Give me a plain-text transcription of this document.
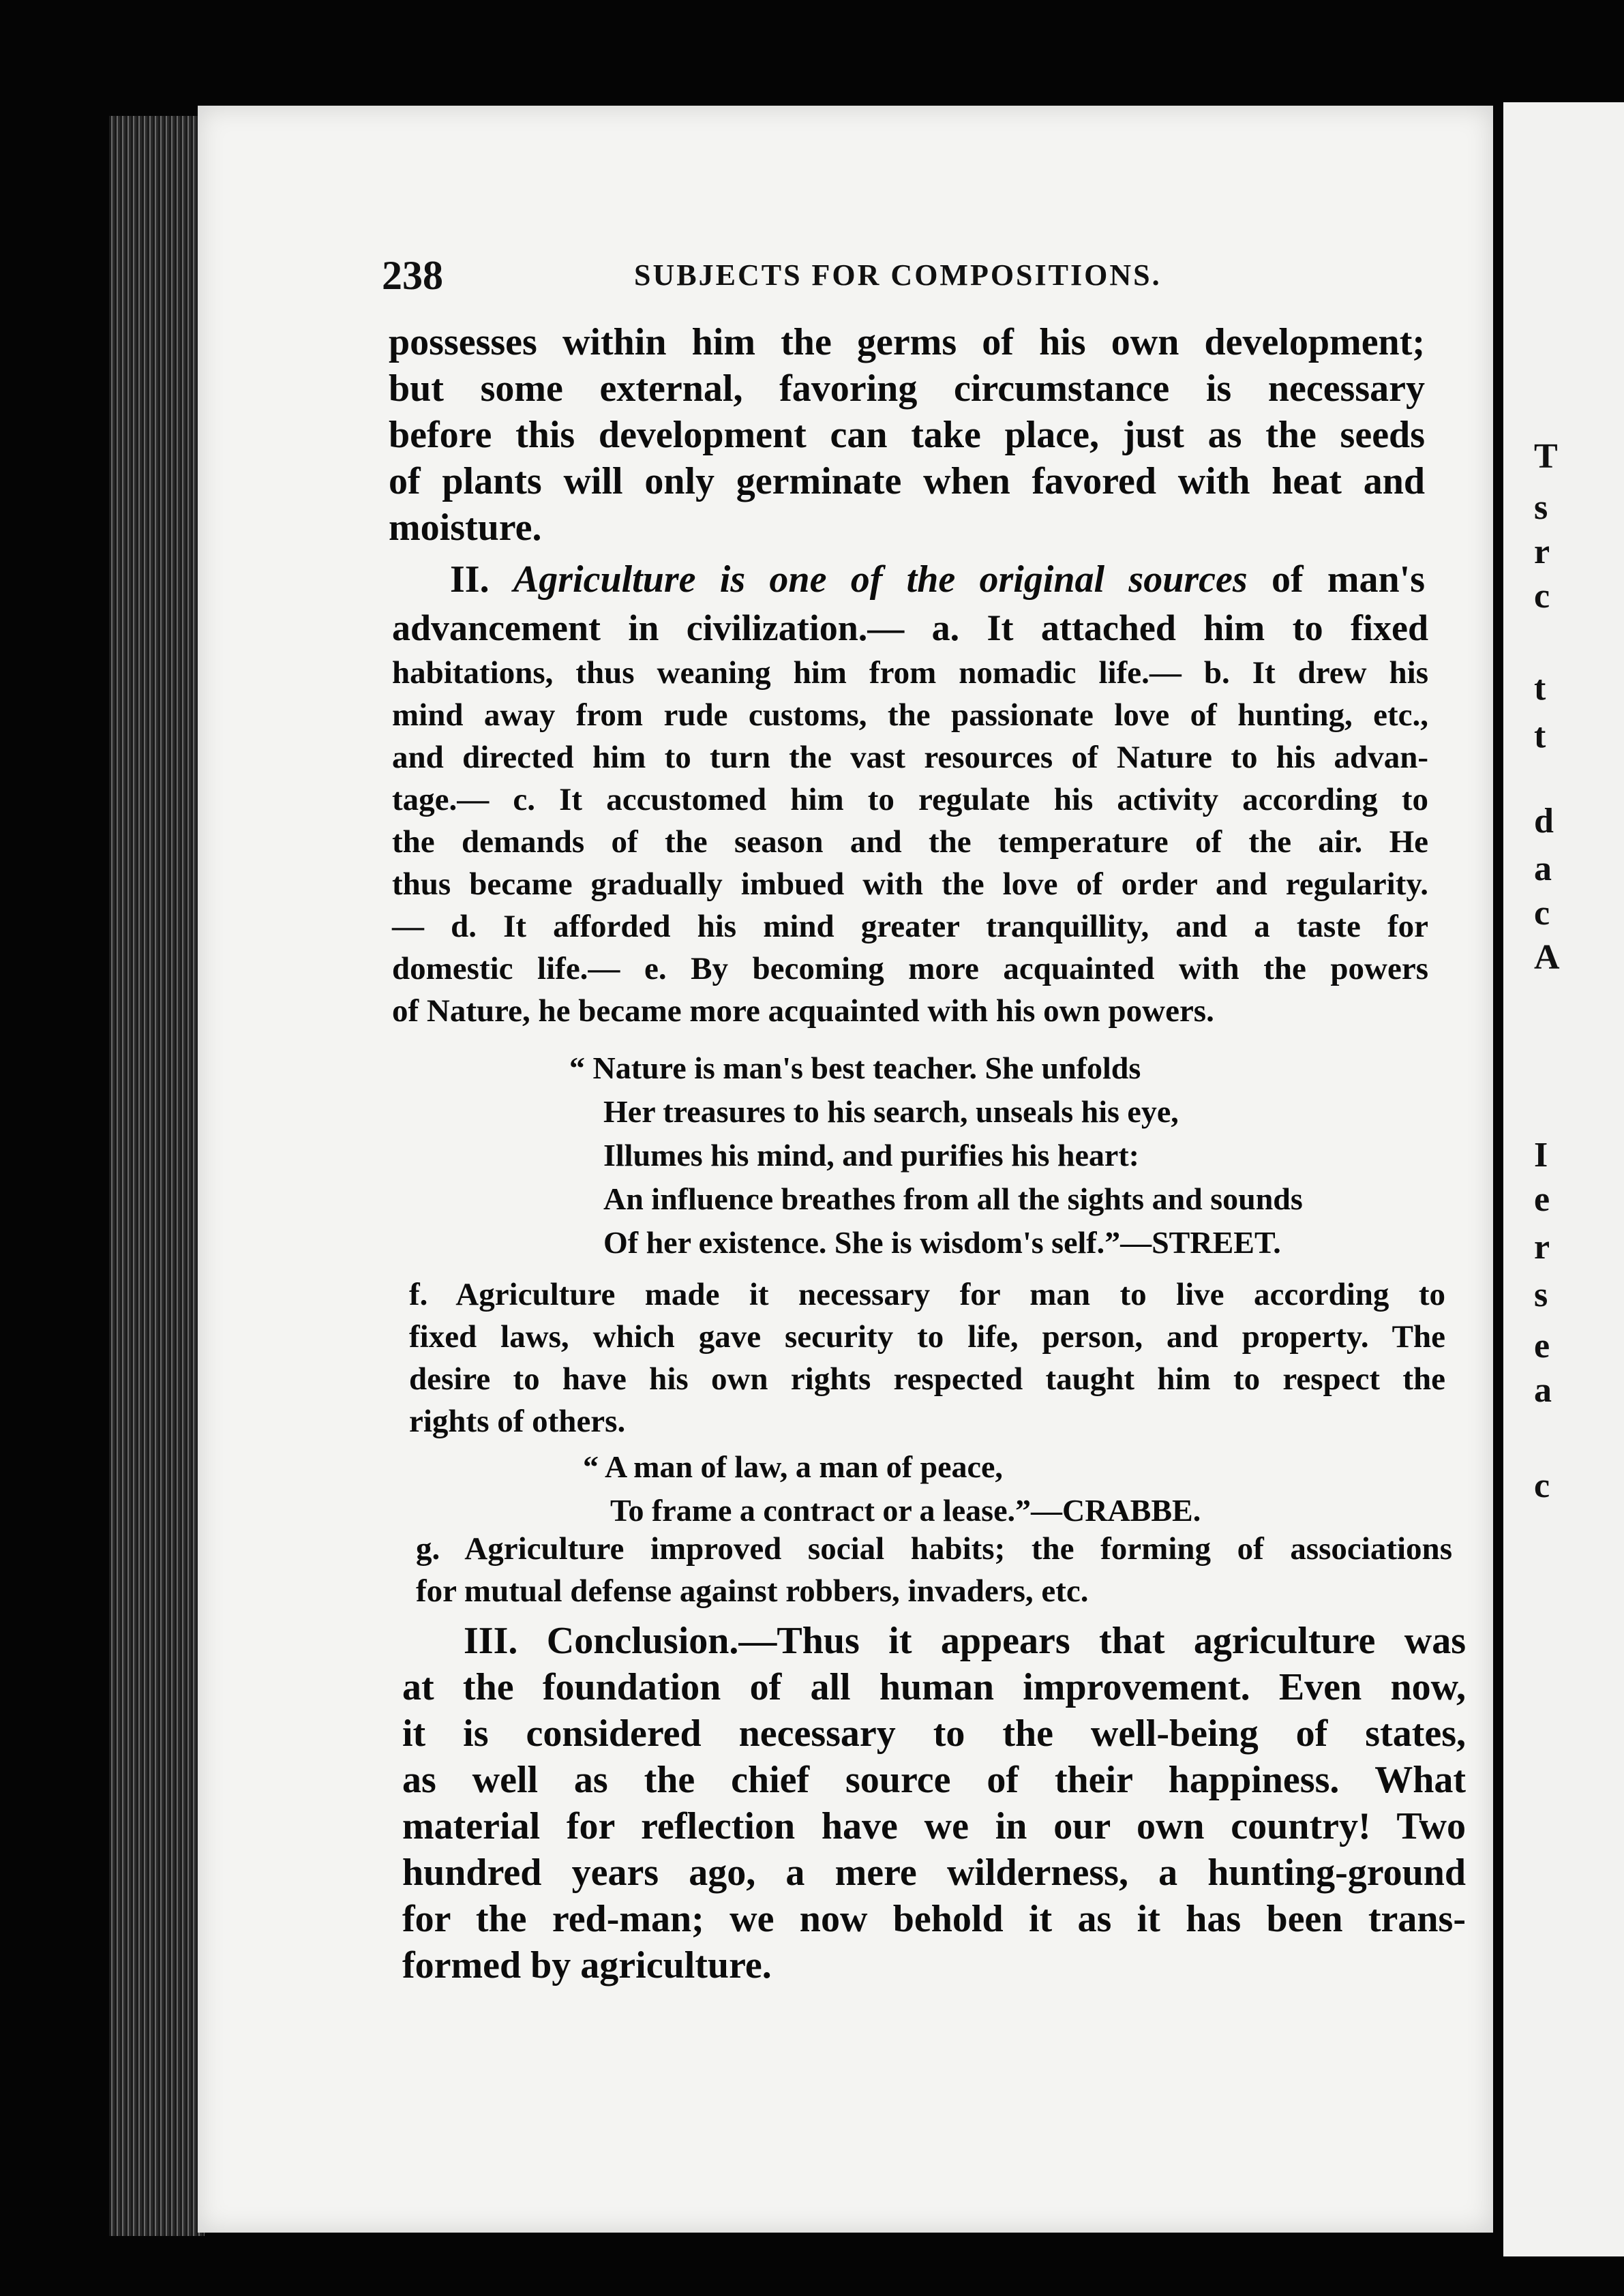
T
s
r
c
t
t
d
a
c
A
I
e
r
s
e
a
c
238	SUBJECTS FOR COMPOSITIONS.
possesses within him the germs of his own development;
but some external, favoring circumstance is necessary
before this development can take place, just as the seeds
of plants will only germinate when favored with heat and
moisture.
II. Agriculture is one of the original sources of man's
advancement in civilization.— a. It attached him to fixed
habitations, thus weaning him from nomadic life.— b. It drew his
mind away from rude customs, the passionate love of hunting, etc.,
and directed him to turn the vast resources of Nature to his advan-
tage.— c. It accustomed him to regulate his activity according to
the demands of the season and the temperature of the air. He
thus became gradually imbued with the love of order and regularity.
— d. It afforded his mind greater tranquillity, and a taste for
domestic life.— e. By becoming more acquainted with the powers
of Nature, he became more acquainted with his own powers.
“ Nature is man's best teacher. She unfolds
Her treasures to his search, unseals his eye,
Illumes his mind, and purifies his heart:
An influence breathes from all the sights and sounds
Of her existence. She is wisdom's self.”—STREET.
f. Agriculture made it necessary for man to live according to
fixed laws, which gave security to life, person, and property. The
desire to have his own rights respected taught him to respect the
rights of others.
“ A man of law, a man of peace,
To frame a contract or a lease.”—CRABBE.
g. Agriculture improved social habits; the forming of associations
for mutual defense against robbers, invaders, etc.
III. Conclusion.—Thus it appears that agriculture was
at the foundation of all human improvement. Even now,
it is considered necessary to the well-being of states,
as well as the chief source of their happiness. What
material for reflection have we in our own country! Two
hundred years ago, a mere wilderness, a hunting-ground
for the red-man; we now behold it as it has been trans-
formed by agriculture.
